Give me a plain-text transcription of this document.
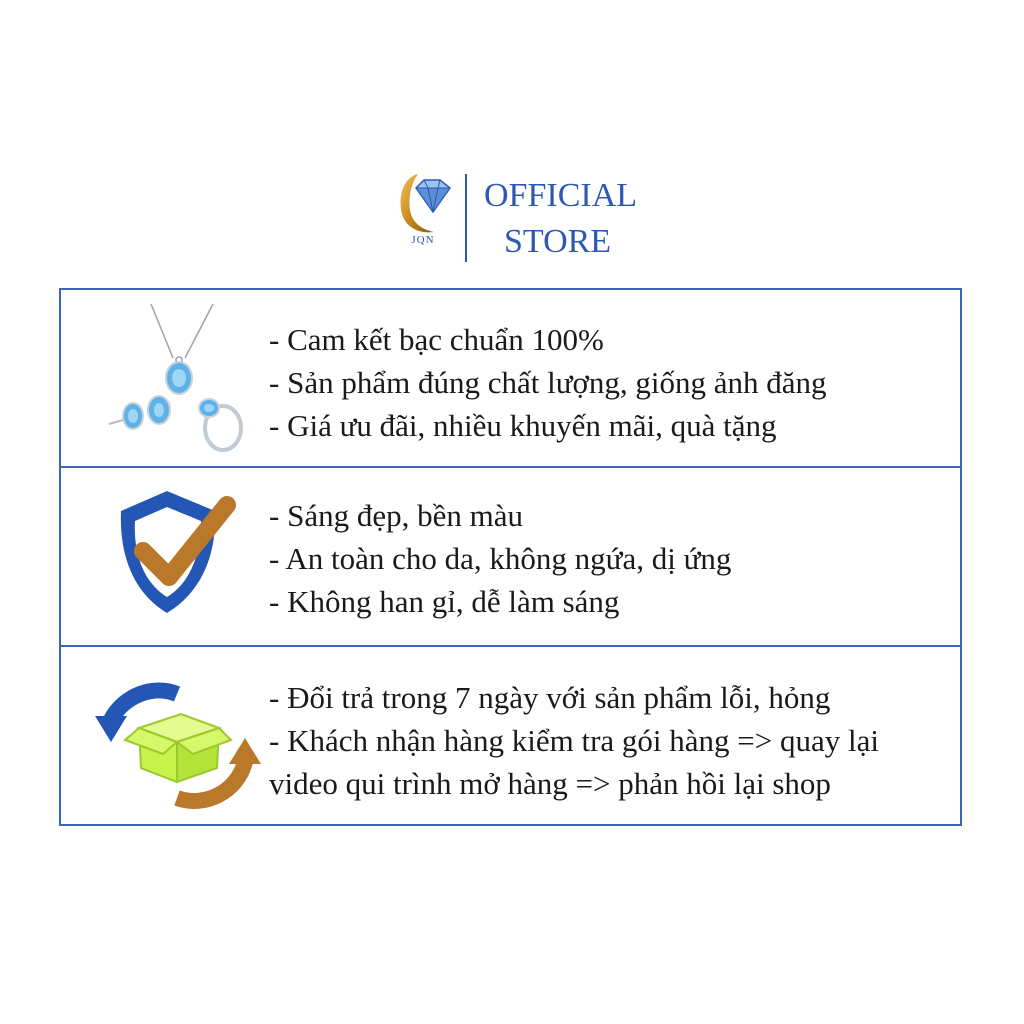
JQN
OFFICIAL
STORE
- Cam kết bạc chuẩn 100%
- Sản phẩm đúng chất lượng, giống ảnh đăng
- Giá ưu đãi, nhiều khuyến mãi, quà tặng
- Sáng đẹp, bền màu
- An toàn cho da, không ngứa, dị ứng
- Không han gỉ, dễ làm sáng
- Đổi trả trong 7 ngày với sản phẩm lỗi, hỏng
- Khách nhận hàng kiểm tra gói hàng => quay lại
video qui trình mở hàng => phản hồi lại shop
